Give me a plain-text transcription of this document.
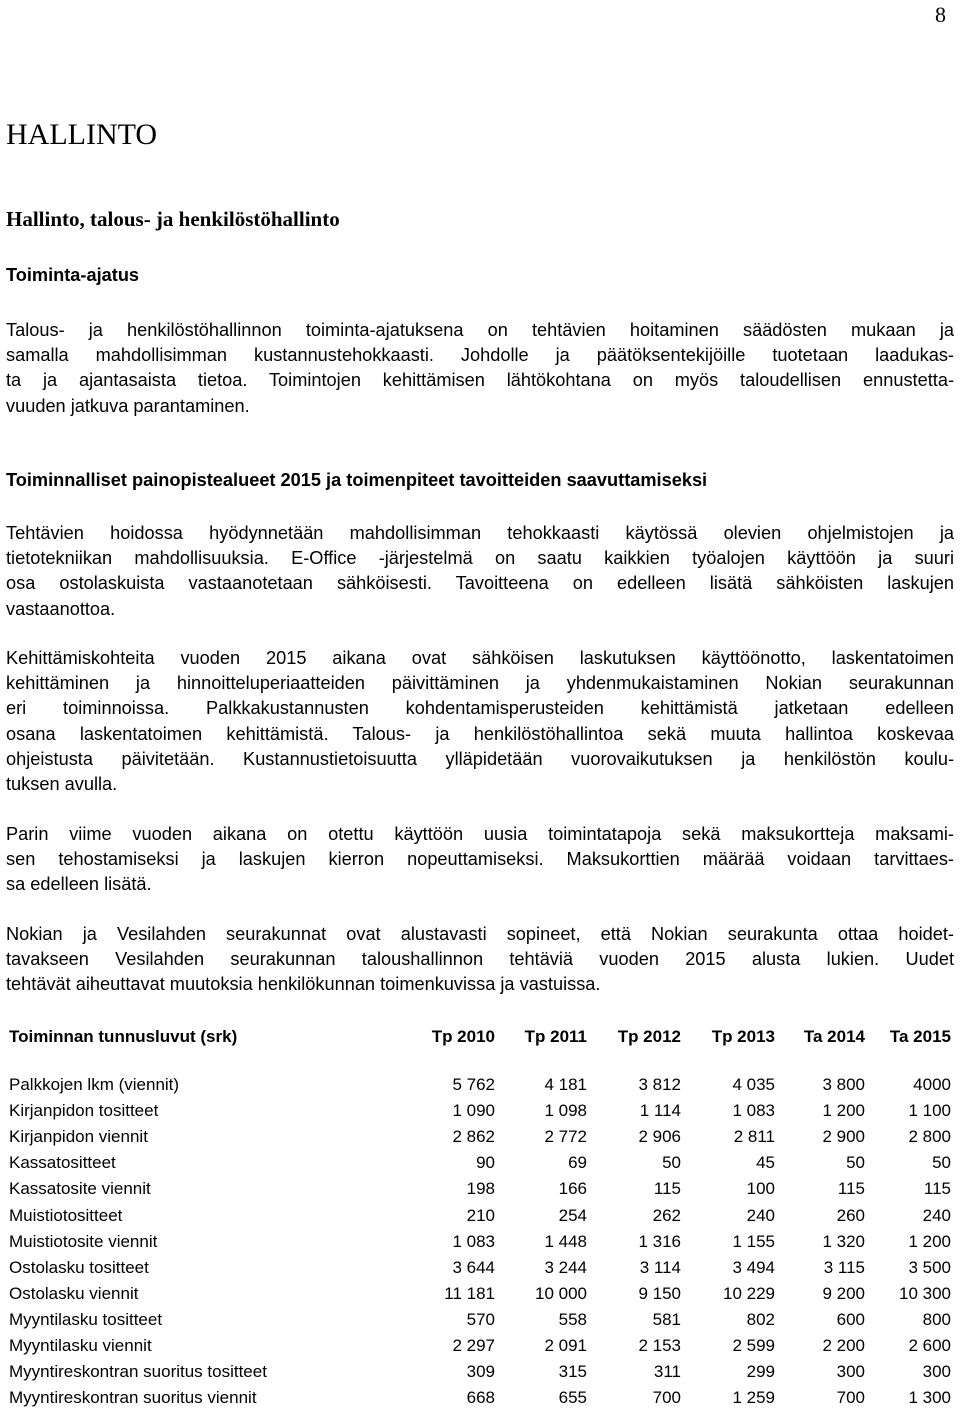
8
HALLINTO
Hallinto, talous- ja henkilöstöhallinto
Toiminta-ajatus
Talous- ja henkilöstöhallinnon toiminta-ajatuksena on tehtävien hoitaminen säädösten mukaan ja
samalla mahdollisimman kustannustehokkaasti. Johdolle ja päätöksentekijöille tuotetaan laadukas-
ta ja ajantasaista tietoa. Toimintojen kehittämisen lähtökohtana on myös taloudellisen ennustetta-
vuuden jatkuva parantaminen.
Toiminnalliset painopistealueet 2015 ja toimenpiteet tavoitteiden saavuttamiseksi
Tehtävien hoidossa hyödynnetään mahdollisimman tehokkaasti käytössä olevien ohjelmistojen ja
tietotekniikan mahdollisuuksia. E-Office -järjestelmä on saatu kaikkien työalojen käyttöön ja suuri
osa ostolaskuista vastaanotetaan sähköisesti. Tavoitteena on edelleen lisätä sähköisten laskujen
vastaanottoa.
Kehittämiskohteita vuoden 2015 aikana ovat sähköisen laskutuksen käyttöönotto, laskentatoimen
kehittäminen ja hinnoitteluperiaatteiden päivittäminen ja yhdenmukaistaminen Nokian seurakunnan
eri toiminnoissa. Palkkakustannusten kohdentamisperusteiden kehittämistä jatketaan edelleen
osana laskentatoimen kehittämistä. Talous- ja henkilöstöhallintoa sekä muuta hallintoa koskevaa
ohjeistusta päivitetään. Kustannustietoisuutta ylläpidetään vuorovaikutuksen ja henkilöstön koulu-
tuksen avulla.
Parin viime vuoden aikana on otettu käyttöön uusia toimintatapoja sekä maksukortteja maksami-
sen tehostamiseksi ja laskujen kierron nopeuttamiseksi. Maksukorttien määrää voidaan tarvittaes-
sa edelleen lisätä.
Nokian ja Vesilahden seurakunnat ovat alustavasti sopineet, että Nokian seurakunta ottaa hoidet-
tavakseen Vesilahden seurakunnan taloushallinnon tehtäviä vuoden 2015 alusta lukien. Uudet
tehtävät aiheuttavat muutoksia henkilökunnan toimenkuvissa ja vastuissa.
Toiminnan tunnusluvut (srk)	Tp 2010	Tp 2011	Tp 2012	Tp 2013	Ta 2014	Ta 2015

Palkkojen lkm (viennit)	5 762	4 181	3 812	4 035	3 800	4000
Kirjanpidon tositteet	1 090	1 098	1 114	1 083	1 200	1 100
Kirjanpidon viennit	2 862	2 772	2 906	2 811	2 900	2 800
Kassatositteet	90	69	50	45	50	50
Kassatosite viennit	198	166	115	100	115	115
Muistiotositteet	210	254	262	240	260	240
Muistiotosite viennit	1 083	1 448	1 316	1 155	1 320	1 200
Ostolasku tositteet	3 644	3 244	3 114	3 494	3 115	3 500
Ostolasku viennit	11 181	10 000	9 150	10 229	9 200	10 300
Myyntilasku tositteet	570	558	581	802	600	800
Myyntilasku viennit	2 297	2 091	2 153	2 599	2 200	2 600
Myyntireskontran suoritus tositteet	309	315	311	299	300	300
Myyntireskontran suoritus viennit	668	655	700	1 259	700	1 300
